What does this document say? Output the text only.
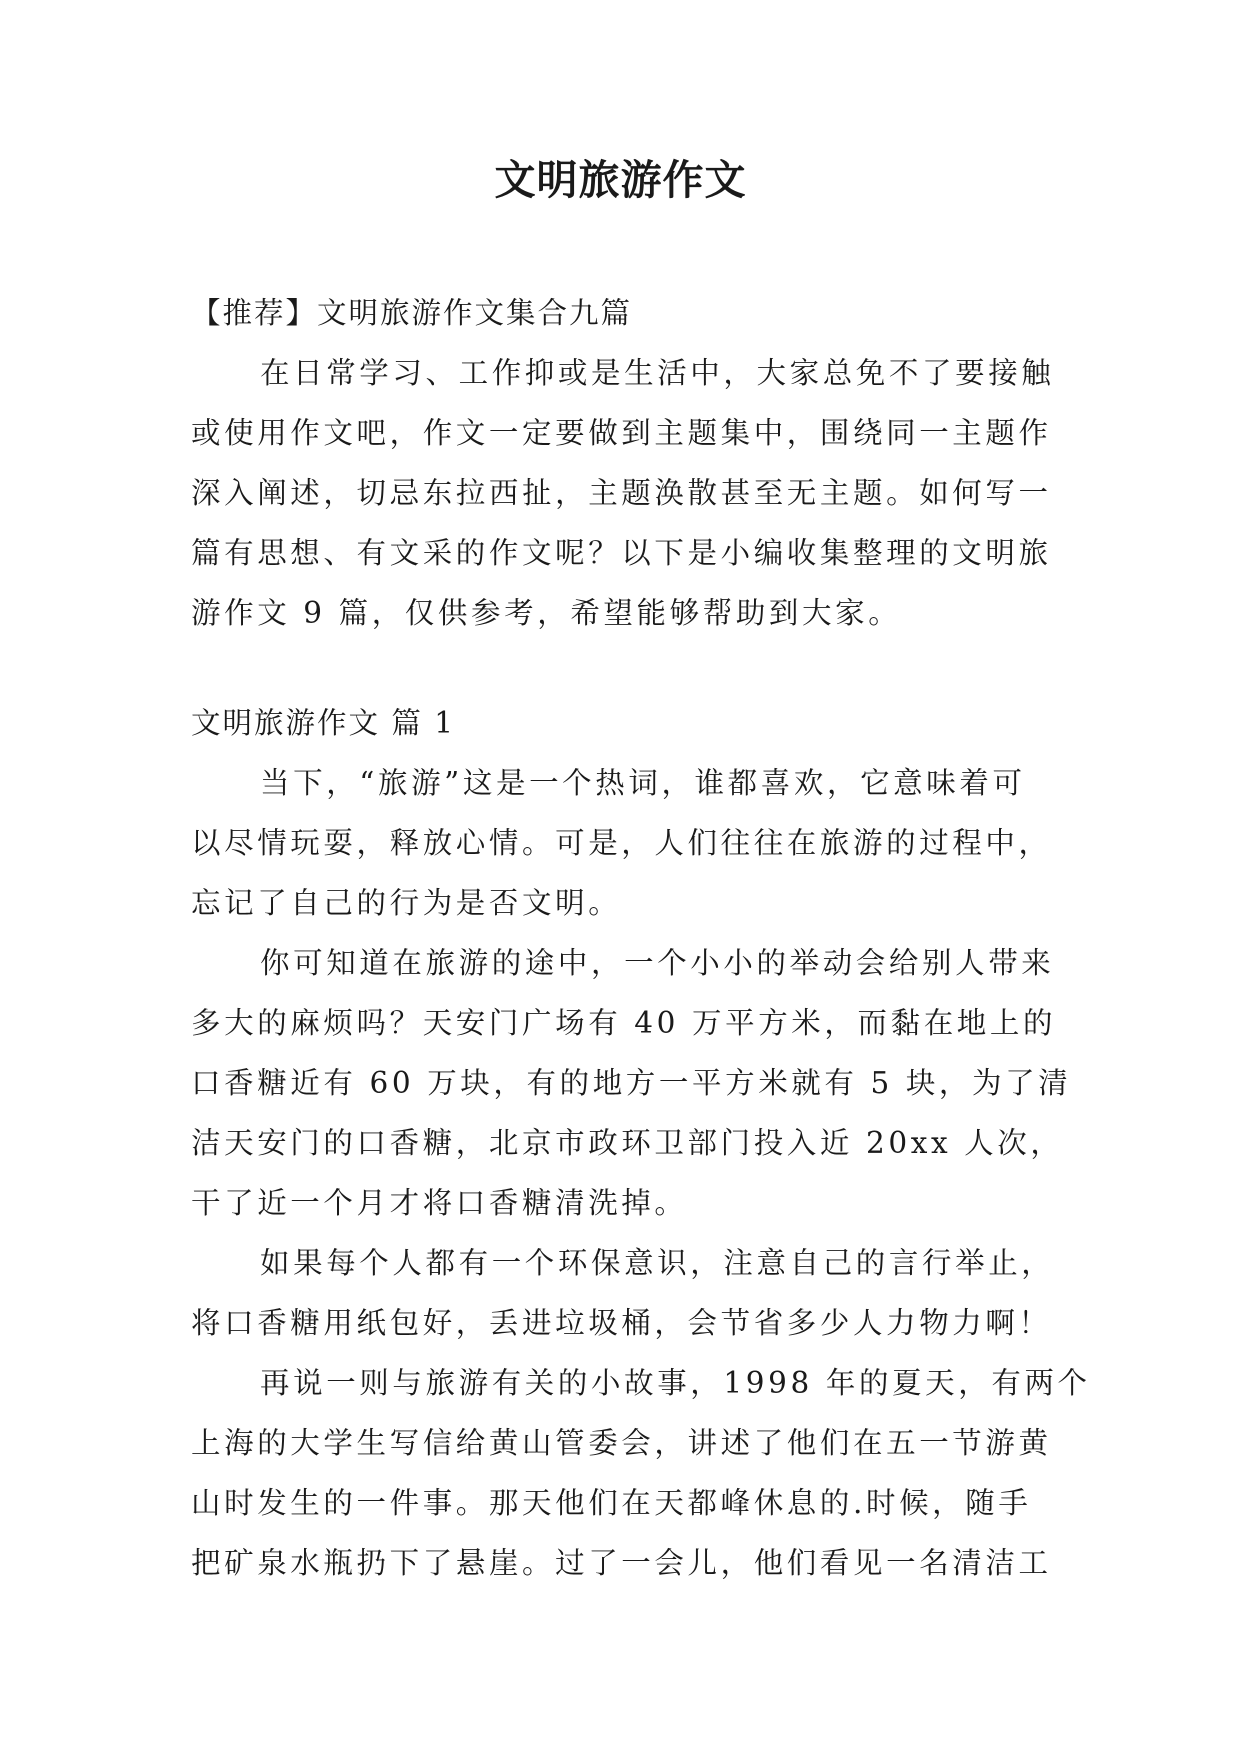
文明旅游作文
【推荐】文明旅游作文集合九篇
在日常学习、工作抑或是生活中，大家总免不了要接触
或使用作文吧，作文一定要做到主题集中，围绕同一主题作
深入阐述，切忌东拉西扯，主题涣散甚至无主题。如何写一
篇有思想、有文采的作文呢？以下是小编收集整理的文明旅
游作文 9 篇，仅供参考，希望能够帮助到大家。
文明旅游作文 篇 1
当下，“旅游”这是一个热词，谁都喜欢，它意味着可
以尽情玩耍，释放心情。可是，人们往往在旅游的过程中，
忘记了自己的行为是否文明。
你可知道在旅游的途中，一个小小的举动会给别人带来
多大的麻烦吗？天安门广场有 40 万平方米，而黏在地上的
口香糖近有 60 万块，有的地方一平方米就有 5 块，为了清
洁天安门的口香糖，北京市政环卫部门投入近 20xx 人次，
干了近一个月才将口香糖清洗掉。
如果每个人都有一个环保意识，注意自己的言行举止，
将口香糖用纸包好，丢进垃圾桶，会节省多少人力物力啊！
再说一则与旅游有关的小故事，1998 年的夏天，有两个
上海的大学生写信给黄山管委会，讲述了他们在五一节游黄
山时发生的一件事。那天他们在天都峰休息的.时候，随手
把矿泉水瓶扔下了悬崖。过了一会儿，他们看见一名清洁工
